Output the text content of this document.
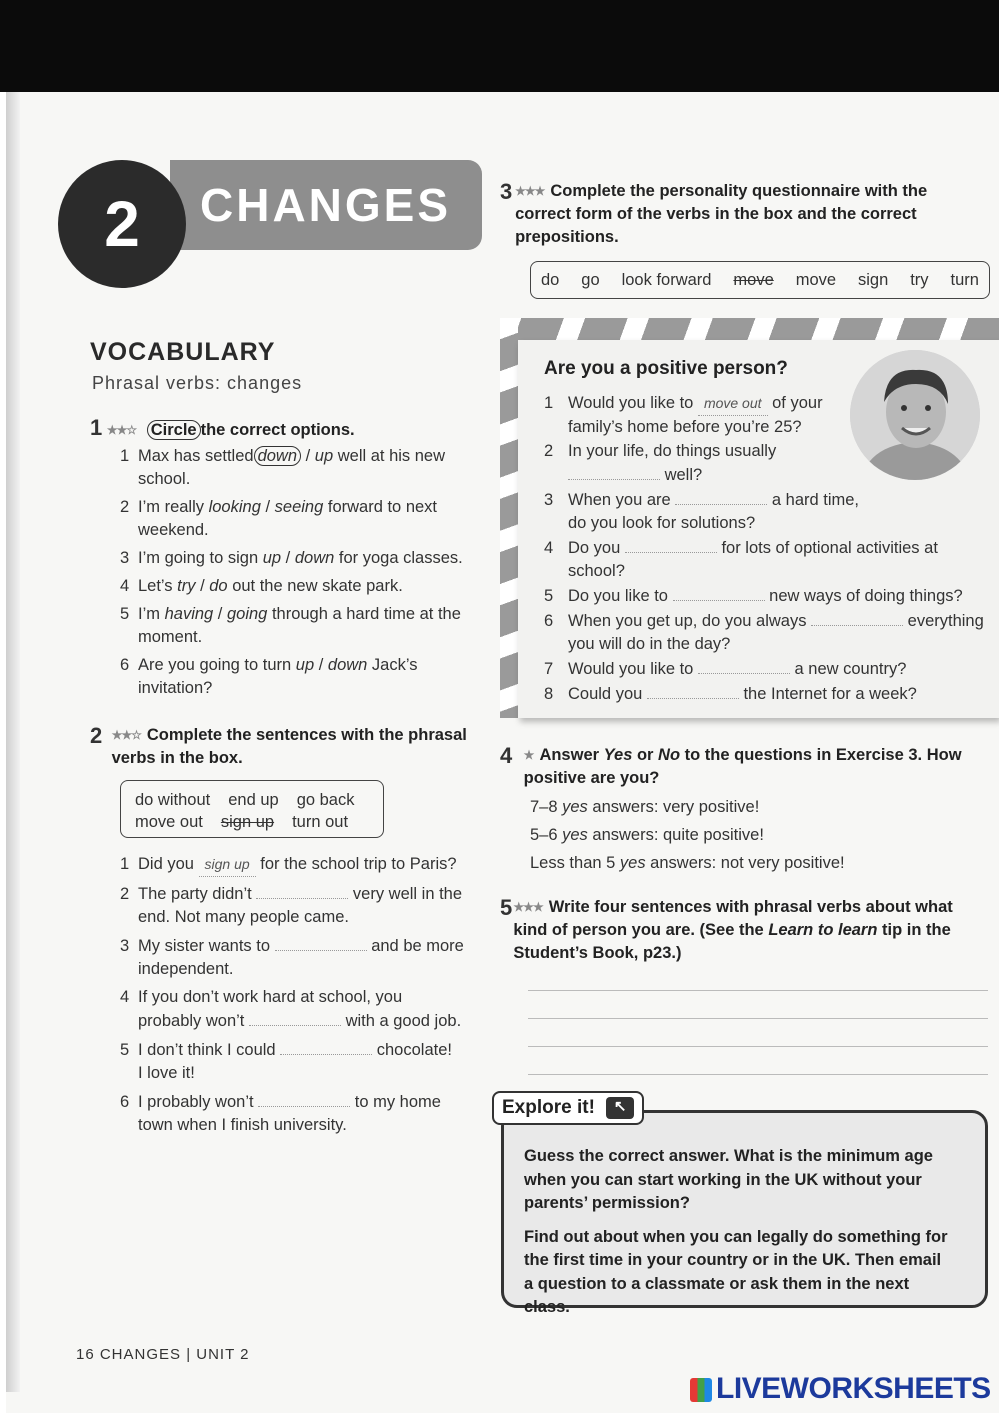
CHANGES
2
VOCABULARY
Phrasal verbs: changes
1 ★★☆ Circle the correct options.
1 Max has settled down / up well at his new
school.
2 I’m really looking / seeing forward to next
weekend.
3 I’m going to sign up / down for yoga classes.
4 Let’s try / do out the new skate park.
5 I’m having / going through a hard time at the
moment.
6 Are you going to turn up / down Jack’s
invitation?
2 ★★☆ Complete the sentences with the phrasal verbs in the box.
do without end up go back
move out sign up turn out
1 Did you sign up for the school trip to Paris?
2 The party didn’t	very well in the
end. Not many people came.
3 My sister wants to	and be more
independent.
4 If you don’t work hard at school, you
probably won’t	with a good job.
5 I don’t think I could	chocolate!
I love it!
6 I probably won’t	to my home
town when I finish university.
3 ★★★ Complete the personality questionnaire with the correct form of the verbs in the box and the correct prepositions.
do go look forward move move sign try turn
Are you a positive person?
1 Would you like to move out of your
family’s home before you’re 25?
2 In your life, do things usually
well?
3 When you are	a hard time,
do you look for solutions?
4 Do you	for lots of optional activities at
school?
5 Do you like to	new ways of doing things?
6 When you get up, do you always	everything
you will do in the day?
7 Would you like to	a new country?
8 Could you	the Internet for a week?
4 ★ Answer Yes or No to the questions in Exercise 3. How positive are you?
7–8 yes answers: very positive!
5–6 yes answers: quite positive!
Less than 5 yes answers: not very positive!
5 ★★★ Write four sentences with phrasal verbs about what kind of person you are. (See the Learn to learn tip in the Student’s Book, p23.)
Guess the correct answer. What is the minimum age when you can start working in the UK without your parents’ permission?
Find out about when you can legally do something for the first time in your country or in the UK. Then email a question to a classmate or ask them in the next class.
Explore it! ↖
16 CHANGES | UNIT 2
LIVEWORKSHEETS
